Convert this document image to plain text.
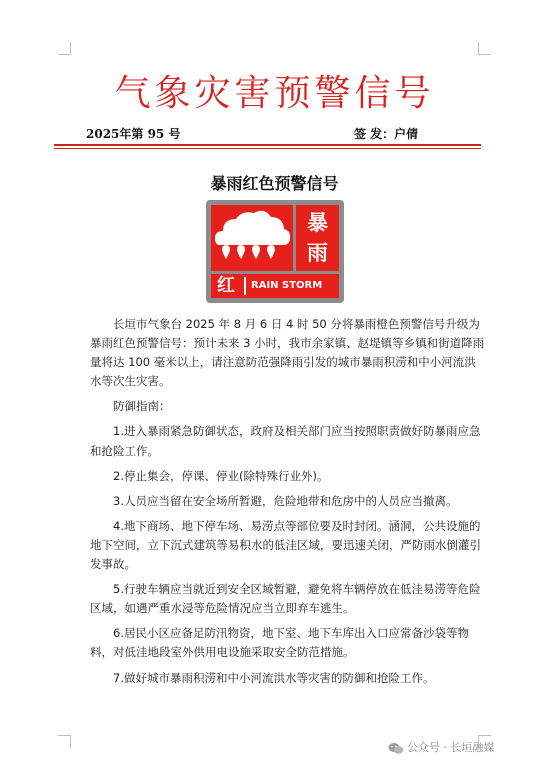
气象灾害预警信号
2025年第 95 号	签 发：户倩
暴雨红色预警信号
暴
雨
红 RAIN STORM

长垣市气象台 2025 年 8 月 6 日 4 时 50 分将暴雨橙色预警信号升级为暴雨红色预警信号：预计未来 3 小时，我市余家镇、赵堤镇等乡镇和街道降雨量将达 100 毫米以上，请注意防范强降雨引发的城市暴雨积涝和中小河流洪水等次生灾害。

防御指南：

1.进入暴雨紧急防御状态，政府及相关部门应当按照职责做好防暴雨应急和抢险工作。

2.停止集会，停课、停业(除特殊行业外)。

3.人员应当留在安全场所暂避，危险地带和危房中的人员应当撤离。

4.地下商场、地下停车场、易涝点等部位要及时封闭。涵洞，公共设施的地下空间，立下沉式建筑等易积水的低洼区域，要迅速关闭，严防雨水倒灌引发事故。

5.行驶车辆应当就近到安全区域暂避，避免将车辆停放在低洼易涝等危险区域，如遇严重水浸等危险情况应当立即弃车逃生。

6.居民小区应备足防汛物资，地下室、地下车库出入口应常备沙袋等物料，对低洼地段室外供用电设施采取安全防范措施。

7.做好城市暴雨积涝和中小河流洪水等灾害的防御和抢险工作。

公众号 · 长垣融媒
